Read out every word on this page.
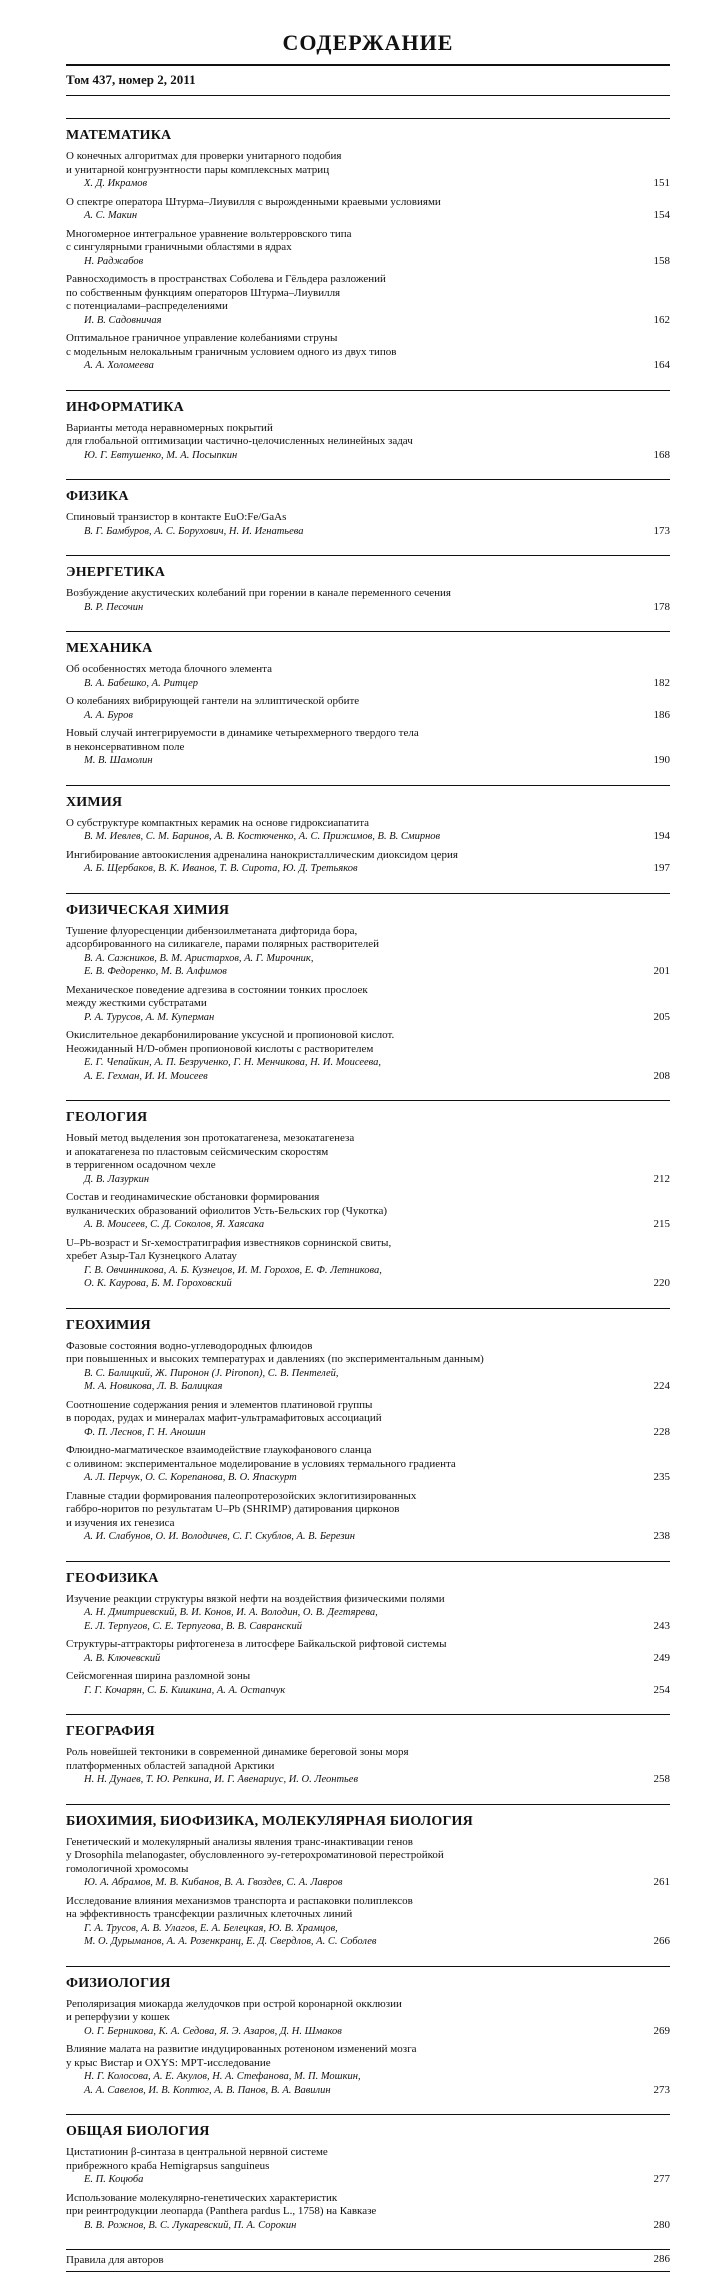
СОДЕРЖАНИЕ
Том 437, номер 2, 2011
МАТЕМАТИКА
О конечных алгоритмах для проверки унитарного подобия
и унитарной конгруэнтности пары комплексных матриц
Х. Д. Икрамов	151
О спектре оператора Штурма–Лиувилля с вырожденными краевыми условиями
А. С. Макин	154
Многомерное интегральное уравнение вольтерровского типа
с сингулярными граничными областями в ядрах
Н. Раджабов	158
Равносходимость в пространствах Соболева и Гёльдера разложений
по собственным функциям операторов Штурма–Лиувилля
с потенциалами–распределениями
И. В. Садовничая	162
Оптимальное граничное управление колебаниями струны
с модельным нелокальным граничным условием одного из двух типов
А. А. Холомеева	164
ИНФОРМАТИКА
Варианты метода неравномерных покрытий
для глобальной оптимизации частично-целочисленных нелинейных задач
Ю. Г. Евтушенко, М. А. Посыпкин	168
ФИЗИКА
Спиновый транзистор в контакте EuO:Fe/GaAs
В. Г. Бамбуров, А. С. Борухович, Н. И. Игнатьева	173
ЭНЕРГЕТИКА
Возбуждение акустических колебаний при горении в канале переменного сечения
В. Р. Песочин	178
МЕХАНИКА
Об особенностях метода блочного элемента
В. А. Бабешко, А. Ритцер	182
О колебаниях вибрирующей гантели на эллиптической орбите
А. А. Буров	186
Новый случай интегрируемости в динамике четырехмерного твердого тела
в неконсервативном поле
М. В. Шамолин	190
ХИМИЯ
О субструктуре компактных керамик на основе гидроксиапатита
В. М. Иевлев, С. М. Баринов, А. В. Костюченко, А. С. Прижимов, В. В. Смирнов	194
Ингибирование автоокисления адреналина нанокристаллическим диоксидом церия
А. Б. Щербаков, В. К. Иванов, Т. В. Сирота, Ю. Д. Третьяков	197
ФИЗИЧЕСКАЯ ХИМИЯ
Тушение флуоресценции дибензоилметаната дифторида бора,
адсорбированного на силикагеле, парами полярных растворителей
В. А. Сажников, В. М. Аристархов, А. Г. Мирочник,
Е. В. Федоренко, М. В. Алфимов	201
Механическое поведение адгезива в состоянии тонких прослоек
между жесткими субстратами
Р. А. Турусов, А. М. Куперман	205
Окислительное декарбонилирование уксусной и пропионовой кислот.
Неожиданный H/D-обмен пропионовой кислоты с растворителем
Е. Г. Чепайкин, А. П. Безрученко, Г. Н. Менчикова, Н. И. Моисеева,
А. Е. Гехман, И. И. Моисеев	208
ГЕОЛОГИЯ
Новый метод выделения зон протокатагенеза, мезокатагенеза
и апокатагенеза по пластовым сейсмическим скоростям
в терригенном осадочном чехле
Д. В. Лазуркин	212
Состав и геодинамические обстановки формирования
вулканических образований офиолитов Усть-Бельских гор (Чукотка)
А. В. Моисеев, С. Д. Соколов, Я. Хаясака	215
U–Pb-возраст и Sr-хемостратиграфия известняков сорнинской свиты,
хребет Азыр-Тал Кузнецкого Алатау
Г. В. Овчинникова, А. Б. Кузнецов, И. М. Горохов, Е. Ф. Летникова,
О. К. Каурова, Б. М. Гороховский	220
ГЕОХИМИЯ
Фазовые состояния водно-углеводородных флюидов
при повышенных и высоких температурах и давлениях (по экспериментальным данным)
В. С. Балицкий, Ж. Пиронон (J. Pironon), С. В. Пентелей,
М. А. Новикова, Л. В. Балицкая	224
Соотношение содержания рения и элементов платиновой группы
в породах, рудах и минералах мафит-ультрамафитовых ассоциаций
Ф. П. Леснов, Г. Н. Аношин	228
Флюидно-магматическое взаимодействие глаукофанового сланца
с оливином: экспериментальное моделирование в условиях термального градиента
А. Л. Перчук, О. С. Корепанова, В. О. Япаскурт	235
Главные стадии формирования палеопротерозойских эклогитизированных
габбро-норитов по результатам U–Pb (SHRIMP) датирования цирконов
и изучения их генезиса
А. И. Слабунов, О. И. Володичев, С. Г. Скублов, А. В. Березин	238
ГЕОФИЗИКА
Изучение реакции структуры вязкой нефти на воздействия физическими полями
А. Н. Дмитриевский, В. И. Конов, И. А. Володин, О. В. Дегтярева,
Е. Л. Терпугов, С. Е. Терпугова, В. В. Савранский	243
Структуры-аттракторы рифтогенеза в литосфере Байкальской рифтовой системы
А. В. Ключевский	249
Сейсмогенная ширина разломной зоны
Г. Г. Кочарян, С. Б. Кишкина, А. А. Остапчук	254
ГЕОГРАФИЯ
Роль новейшей тектоники в современной динамике береговой зоны моря
платформенных областей западной Арктики
Н. Н. Дунаев, Т. Ю. Репкина, И. Г. Авенариус, И. О. Леонтьев	258
БИОХИМИЯ, БИОФИЗИКА, МОЛЕКУЛЯРНАЯ БИОЛОГИЯ
Генетический и молекулярный анализы явления транс-инактивации генов
у Drosophila melanogaster, обусловленного эу-гетерохроматиновой перестройкой
гомологичной хромосомы
Ю. А. Абрамов, М. В. Кибанов, В. А. Гвоздев, С. А. Лавров	261
Исследование влияния механизмов транспорта и распаковки полиплексов
на эффективность трансфекции различных клеточных линий
Г. А. Трусов, А. В. Улагов, Е. А. Белецкая, Ю. В. Храмцов,
М. О. Дурыманов, А. А. Розенкранц, Е. Д. Свердлов, А. С. Соболев	266
ФИЗИОЛОГИЯ
Реполяризация миокарда желудочков при острой коронарной окклюзии
и реперфузии у кошек
О. Г. Берникова, К. А. Седова, Я. Э. Азаров, Д. Н. Шмаков	269
Влияние малата на развитие индуцированных ротеноном изменений мозга
у крыс Вистар и OXYS: МРТ-исследование
Н. Г. Колосова, А. Е. Акулов, Н. А. Стефанова, М. П. Мошкин,
А. А. Савелов, И. В. Коптюг, А. В. Панов, В. А. Вавилин	273
ОБЩАЯ БИОЛОГИЯ
Цистатионин β-синтаза в центральной нервной системе
прибрежного краба Hemigrapsus sanguineus
Е. П. Коцюба	277
Использование молекулярно-генетических характеристик
при реинтродукции леопарда (Panthera pardus L., 1758) на Кавказе
В. В. Рожнов, В. С. Лукаревский, П. А. Сорокин	280
Правила для авторов	286
